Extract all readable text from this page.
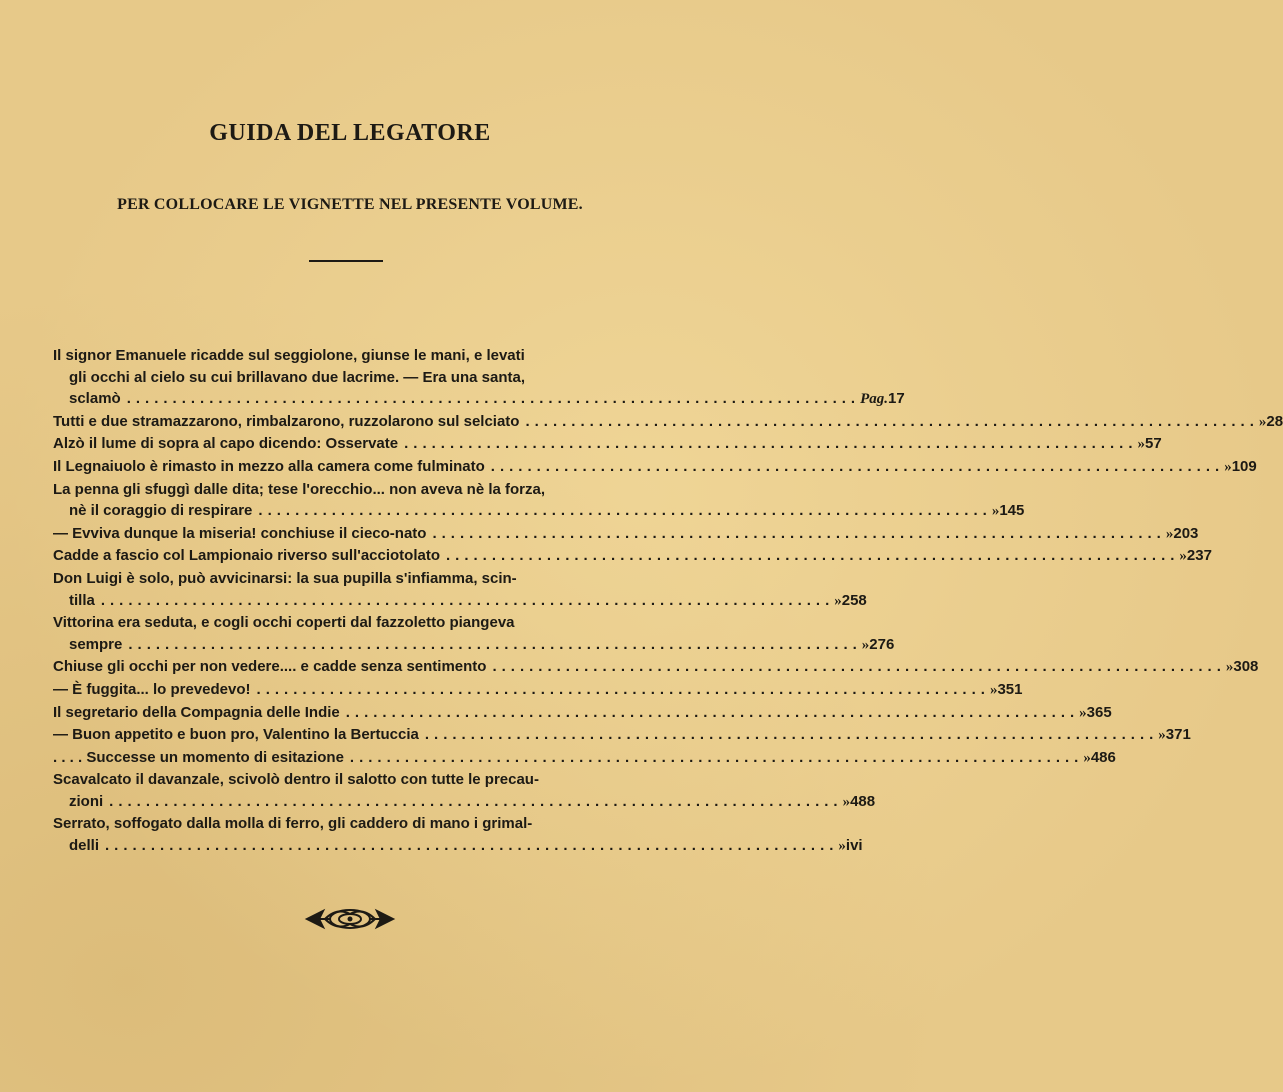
GUIDA DEL LEGATORE
PER COLLOCARE LE VIGNETTE NEL PRESENTE VOLUME.
Il signor Emanuele ricadde sul seggiolone, giunse le mani, e levati
gli occhi al cielo su cui brillavano due lacrime. — Era una santa,
sclamò ................................................................................ Pag. 17
Tutti e due stramazzarono, rimbalzarono, ruzzolarono sul selciato ................................................................................ » 28
Alzò il lume di sopra al capo dicendo: Osservate ................................................................................ » 57
Il Legnaiuolo è rimasto in mezzo alla camera come fulminato ................................................................................ » 109
La penna gli sfuggì dalle dita; tese l'orecchio... non aveva nè la forza,
nè il coraggio di respirare ................................................................................ » 145
— Evviva dunque la miseria! conchiuse il cieco-nato ................................................................................ » 203
Cadde a fascio col Lampionaio riverso sull'acciotolato ................................................................................ » 237
Don Luigi è solo, può avvicinarsi: la sua pupilla s'infiamma, scin-
tilla ................................................................................ » 258
Vittorina era seduta, e cogli occhi coperti dal fazzoletto piangeva
sempre ................................................................................ » 276
Chiuse gli occhi per non vedere.... e cadde senza sentimento ................................................................................ » 308
— È fuggita... lo prevedevo! ................................................................................ » 351
Il segretario della Compagnia delle Indie ................................................................................ » 365
— Buon appetito e buon pro, Valentino la Bertuccia ................................................................................ » 371
. . . . Successe un momento di esitazione ................................................................................ » 486
Scavalcato il davanzale, scivolò dentro il salotto con tutte le precau-
zioni ................................................................................ » 488
Serrato, soffogato dalla molla di ferro, gli caddero di mano i grimal-
delli ................................................................................ » ivi
